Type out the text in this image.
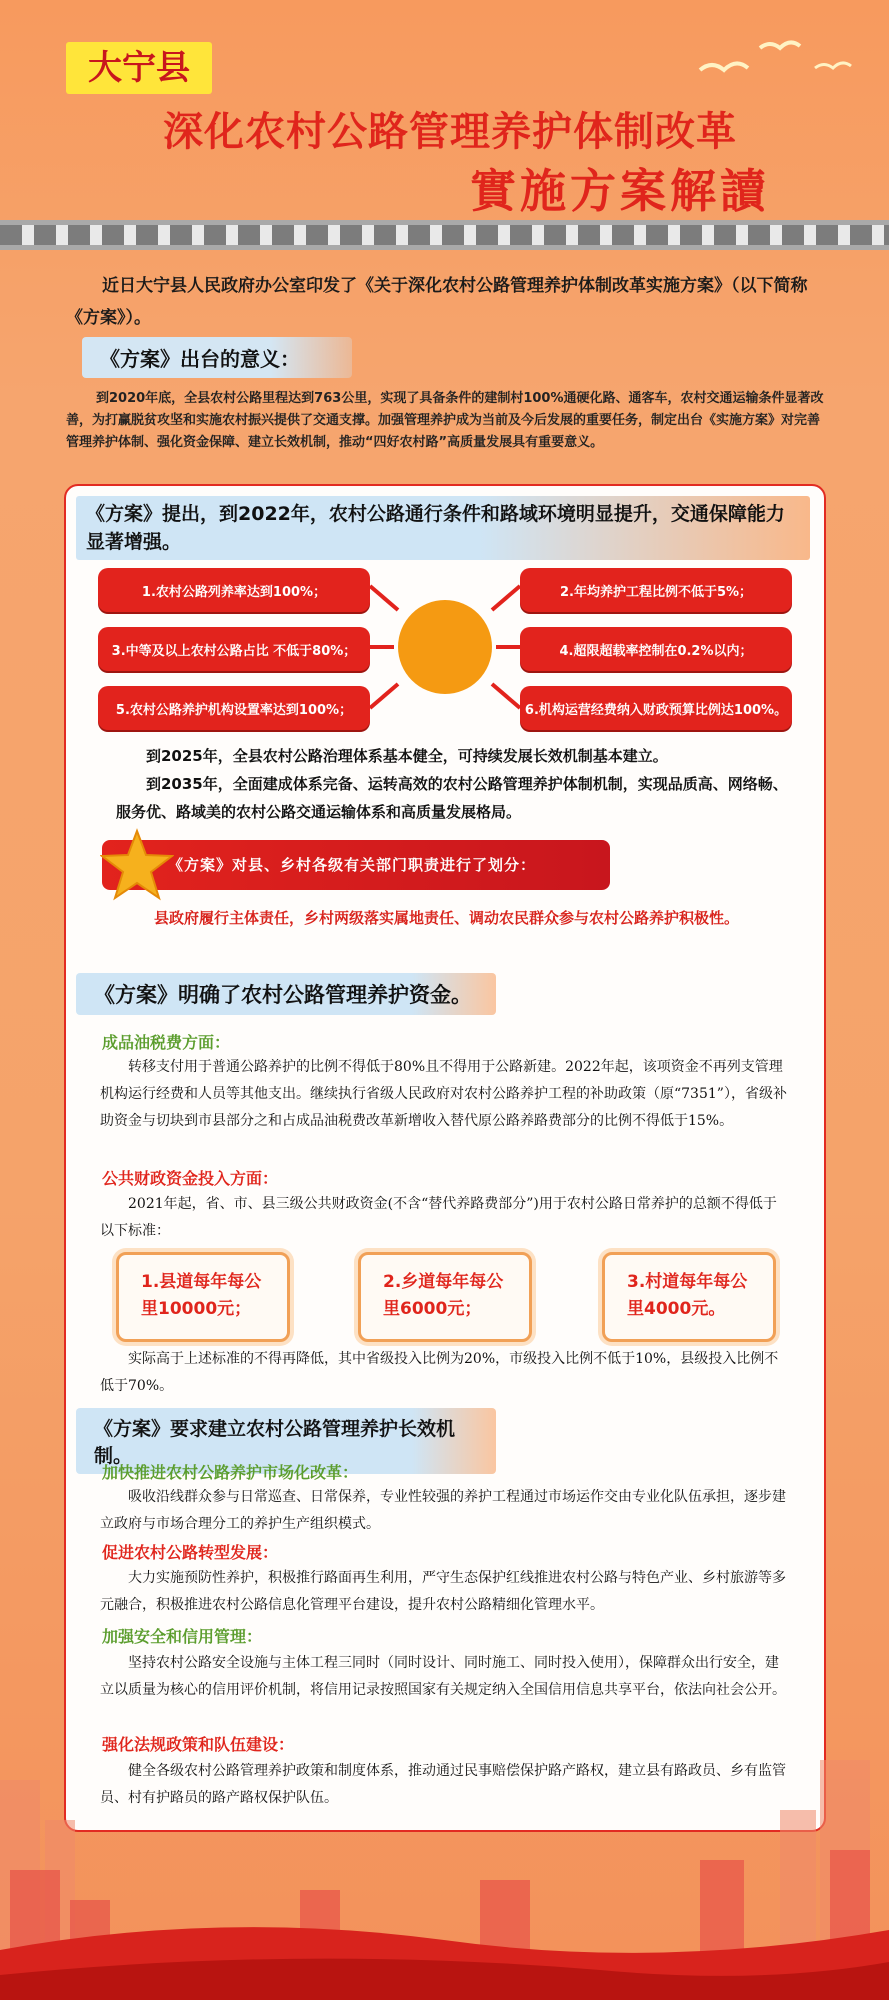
大宁县
深化农村公路管理养护体制改革
實施方案解讀
近日大宁县人民政府办公室印发了《关于深化农村公路管理养护体制改革实施方案》（以下简称《方案》）。
《方案》出台的意义：
到2020年底，全县农村公路里程达到763公里，实现了具备条件的建制村100%通硬化路、通客车，农村交通运输条件显著改善，为打赢脱贫攻坚和实施农村振兴提供了交通支撑。加强管理养护成为当前及今后发展的重要任务，制定出台《实施方案》对完善管理养护体制、强化资金保障、建立长效机制，推动“四好农村路”高质量发展具有重要意义。
《方案》提出，到2022年，农村公路通行条件和路域环境明显提升，交通保障能力显著增强。
1.农村公路列养率达到100%；	2.年均养护工程比例不低于5%；
3.中等及以上农村公路占比 不低于80%；	4.超限超载率控制在0.2%以内；
5.农村公路养护机构设置率达到100%；	6.机构运营经费纳入财政预算比例达100%。
到2025年，全县农村公路治理体系基本健全，可持续发展长效机制基本建立。
到2035年，全面建成体系完备、运转高效的农村公路管理养护体制机制，实现品质高、网络畅、服务优、路域美的农村公路交通运输体系和高质量发展格局。
《方案》对县、乡村各级有关部门职责进行了划分：
县政府履行主体责任，乡村两级落实属地责任、调动农民群众参与农村公路养护积极性。
《方案》明确了农村公路管理养护资金。
成品油税费方面：
转移支付用于普通公路养护的比例不得低于80%且不得用于公路新建。2022年起，该项资金不再列支管理机构运行经费和人员等其他支出。继续执行省级人民政府对农村公路养护工程的补助政策（原“7351”），省级补助资金与切块到市县部分之和占成品油税费改革新增收入替代原公路养路费部分的比例不得低于15%。
公共财政资金投入方面：
2021年起，省、市、县三级公共财政资金(不含“替代养路费部分”)用于农村公路日常养护的总额不得低于以下标准：
1.县道每年每公里10000元；
2.乡道每年每公里6000元；
3.村道每年每公里4000元。
实际高于上述标准的不得再降低，其中省级投入比例为20%，市级投入比例不低于10%，县级投入比例不低于70%。
《方案》要求建立农村公路管理养护长效机制。
加快推进农村公路养护市场化改革：
吸收沿线群众参与日常巡查、日常保养，专业性较强的养护工程通过市场运作交由专业化队伍承担，逐步建立政府与市场合理分工的养护生产组织模式。
促进农村公路转型发展：
大力实施预防性养护，积极推行路面再生利用，严守生态保护红线推进农村公路与特色产业、乡村旅游等多元融合，积极推进农村公路信息化管理平台建设，提升农村公路精细化管理水平。
加强安全和信用管理：
坚持农村公路安全设施与主体工程三同时（同时设计、同时施工、同时投入使用），保障群众出行安全，建立以质量为核心的信用评价机制，将信用记录按照国家有关规定纳入全国信用信息共享平台，依法向社会公开。
强化法规政策和队伍建设：
健全各级农村公路管理养护政策和制度体系，推动通过民事赔偿保护路产路权，建立县有路政员、乡有监管员、村有护路员的路产路权保护队伍。
